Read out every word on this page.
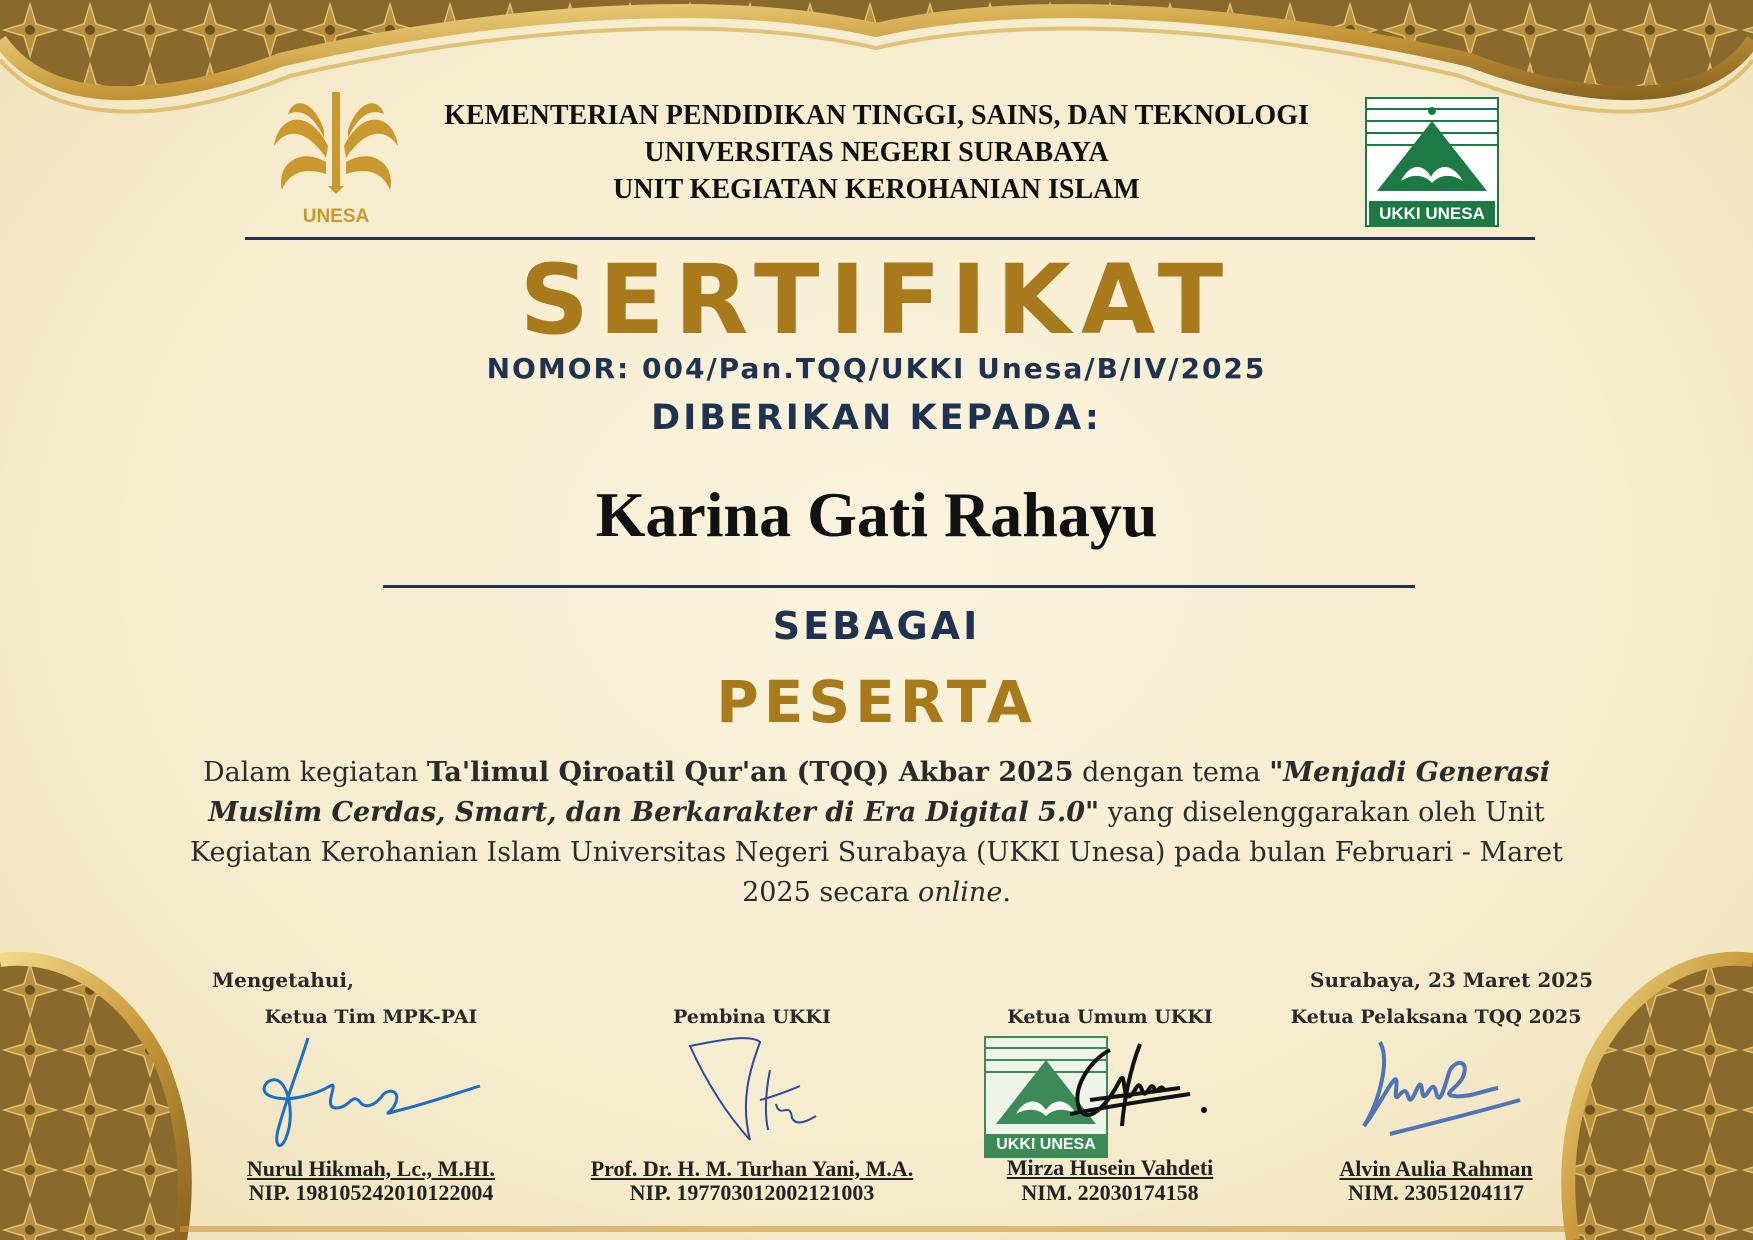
UNESA	UKKI UNESA
KEMENTERIAN PENDIDIKAN TINGGI, SAINS, DAN TEKNOLOGI
UNIVERSITAS NEGERI SURABAYA
UNIT KEGIATAN KEROHANIAN ISLAM
SERTIFIKAT
NOMOR: 004/Pan.TQQ/UKKI Unesa/B/IV/2025
DIBERIKAN KEPADA:
Karina Gati Rahayu
SEBAGAI
PESERTA
Dalam kegiatan Ta'limul Qiroatil Qur'an (TQQ) Akbar 2025 dengan tema "Menjadi Generasi Muslim Cerdas, Smart, dan Berkarakter di Era Digital 5.0" yang diselenggarakan oleh Unit Kegiatan Kerohanian Islam Universitas Negeri Surabaya (UKKI Unesa) pada bulan Februari - Maret 2025 secara online.
Mengetahui,	Surabaya, 23 Maret 2025
Ketua Tim MPK-PAI
Nurul Hikmah, Lc., M.HI.
NIP. 198105242010122004
Pembina UKKI
Prof. Dr. H. M. Turhan Yani, M.A.
NIP. 197703012002121003
Ketua Umum UKKI
UKKI UNESA
Mirza Husein Vahdeti
NIM. 22030174158
Ketua Pelaksana TQQ 2025
Alvin Aulia Rahman
NIM. 23051204117
